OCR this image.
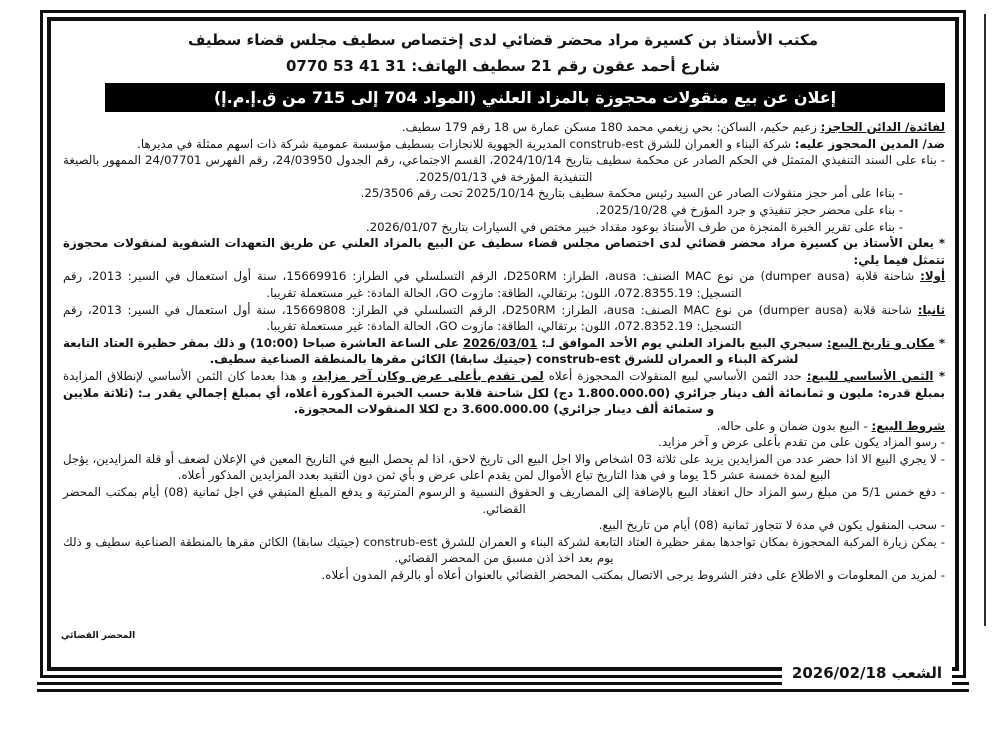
مكتب الأستاذ بن كسيرة مراد محضر قضائي لدى إختصاص سطيف مجلس قضاء سطيف
شارع أحمد عقون رقم 21 سطيف الهاتف: 0770 53 41 31
إعلان عن بيع منقولات محجوزة بالمزاد العلني (المواد 704 إلى 715 من ق.إ.م.إ)

لفائدة/ الدائن الحاجز: زعيم حكيم، الساكن: بحي زيغمي محمد 180 مسكن عمارة س 18 رقم 179 سطيف.

ضد/ المدين المحجوز عليه: شركة البناء و العمران للشرق construb-est المديرية الجهوية للانجازات بسطيف مؤسسة عمومية شركة ذات اسهم ممثلة في مديرها.

- بناء على السند التنفيذي المتمثل في الحكم الصادر عن محكمة سطيف بتاريخ 2024/10/14، القسم الاجتماعي، رقم الجدول 24/03950، رقم الفهرس 24/07701 الممهور بالصيغة التنفيذية المؤرخة في 2025/01/13.

- بناءا على أمر حجز منقولات الصادر عن السيد رئيس محكمة سطيف بتاريخ 2025/10/14 تحت رقم 25/3506.

- بناء على محضر حجز تنفيذي و جرد المؤرخ في 2025/10/28.

- بناء على تقرير الخبرة المنجزة من طرف الأستاذ بوعود مقداد خبير مختص في السيارات بتاريخ 2026/01/07.

* يعلن الأستاذ بن كسيرة مراد محضر قضائي لدى اختصاص مجلس قضاء سطيف عن البيع بالمزاد العلني عن طريق التعهدات الشفوية لمنقولات محجوزة تتمثل فيما يلي:

أولا: شاحنة قلابة (dumper ausa) من نوع MAC الصنف: ausa، الطراز: D250RM، الرقم التسلسلي في الطراز: 15669916، سنة أول استعمال في السير: 2013، رقم التسجيل: 072.8355.19، اللون: برتقالي، الطاقة: مازوت GO، الحالة المادة: غير مستعملة تقريبا.

ثانيا: شاحنة قلابة (dumper ausa) من نوع MAC الصنف: ausa، الطراز: D250RM، الرقم التسلسلي في الطراز: 15669808، سنة أول استعمال في السير: 2013، رقم التسجيل: 072.8352.19، اللون: برتقالي، الطاقة: مازوت GO، الحالة المادة: غير مستعملة تقريبا.

* مكان و تاريخ البيع: سيجري البيع بالمزاد العلني يوم الأحد الموافق لـ: 2026/03/01 على الساعة العاشرة صباحا (10:00) و ذلك بمقر حظيرة العتاد التابعة لشركة البناء و العمران للشرق construb-est (جيتيك سابقا) الكائن مقرها بالمنطقة الصناعية سطيف.

* الثمن الأساسي للبيع: حدد الثمن الأساسي لبيع المنقولات المحجوزة أعلاه لمن تقدم بأعلى عرض وكان آخر مزايد، و هذا بعدما كان الثمن الأساسي لإنطلاق المزايدة بمبلغ قدره: مليون و ثمانمائة ألف دينار جزائري (1.800.000.00 دج) لكل شاحنة قلابة حسب الخبرة المذكورة أعلاه، أي بمبلغ إجمالي يقدر بـ: (ثلاثة ملايين و ستمائة ألف دينار جزائري) 3.600.000.00 دج لكلا المنقولات المحجوزة.

شروط البيع: - البيع بدون ضمان و على حاله.

- رسو المزاد يكون على من تقدم بأعلى عرض و آخر مزايد.

- لا يجري البيع الا اذا حضر عدد من المزايدين يزيد على ثلاثة 03 اشخاص والا اجل البيع الى تاريخ لاحق، اذا لم يحصل البيع في التاريخ المعين في الإعلان لضعف أو قلة المزايدين، يؤجل البيع لمدة خمسة عشر 15 يوما و في هذا التاريخ تباع الأموال لمن يقدم اعلى عرض و بأي ثمن دون التقيد بعدد المزايدين المذكور أعلاه.

- دفع خمس 5/1 من مبلغ رسو المزاد حال انعقاد البيع بالإضافة إلى المصاريف و الحقوق النسبية و الرسوم المترتبة و يدفع المبلغ المتبقي في اجل ثمانية (08) أيام بمكتب المحضر القضائي.

- سحب المنقول يكون في مدة لا تتجاوز ثمانية (08) أيام من تاريخ البيع.

- يمكن زيارة المركبة المحجوزة بمكان تواجدها بمقر حظيرة العتاد التابعة لشركة البناء و العمران للشرق construb-est (جيتيك سابقا) الكائن مقرها بالمنطقة الصناعية سطيف و ذلك يوم بعد اخذ اذن مسبق من المحضر القضائي.

- لمزيد من المعلومات و الاطلاع على دفتر الشروط يرجى الاتصال بمكتب المحضر القضائي بالعنوان أعلاه أو بالرقم المدون أعلاه.

المحضر القضائي
الشعب 2026/02/18
